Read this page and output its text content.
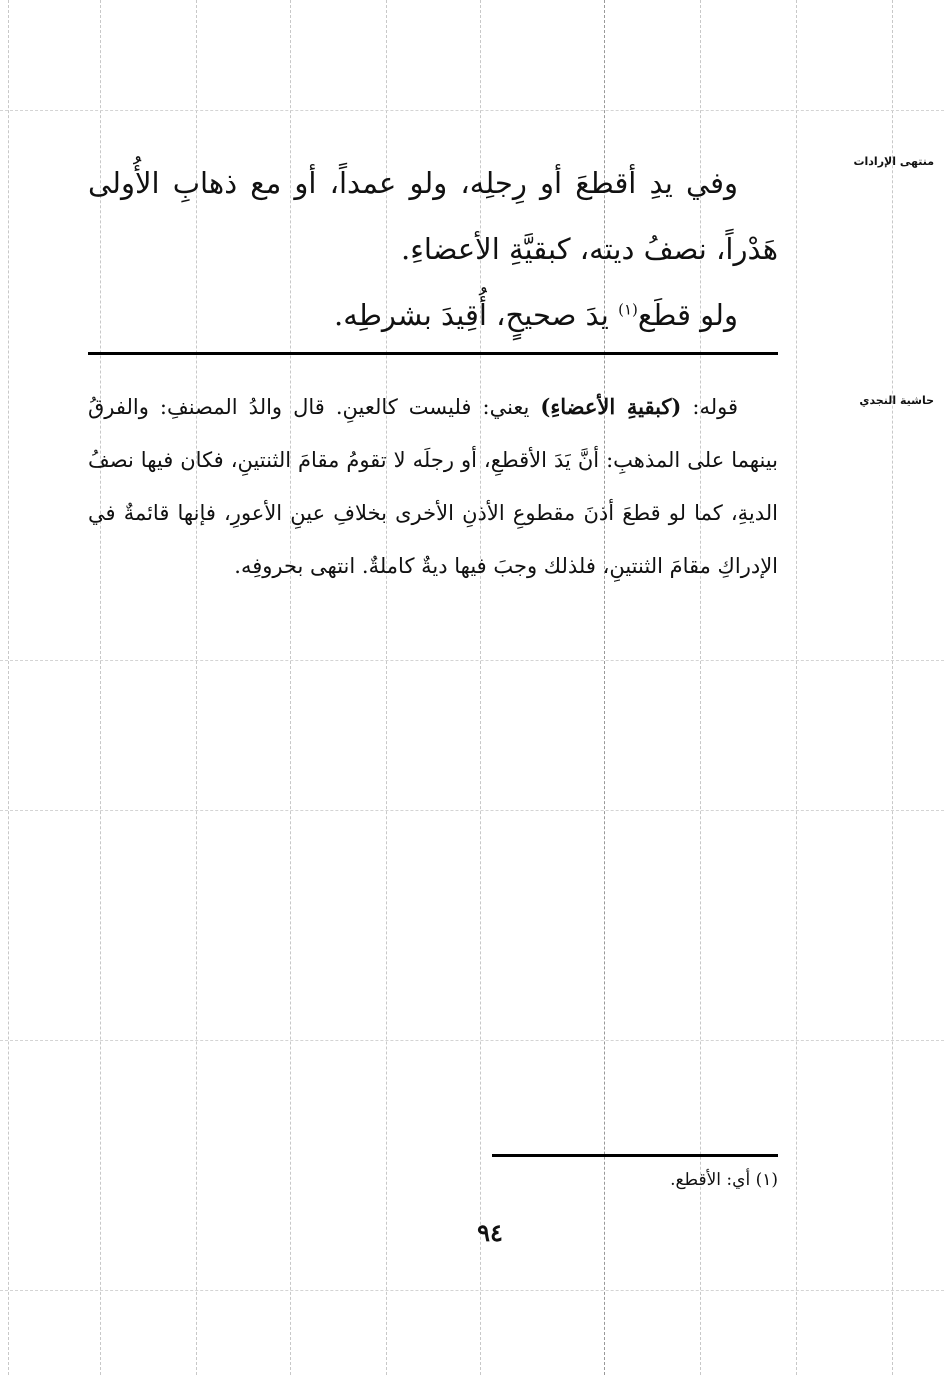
منتهى الإرادات
حاشية النجدي

وفي يدِ أقطعَ أو رِجلِه، ولو عمداً، أو مع ذهابِ الأُولى هَدْراً، نصفُ ديته، كبقيَّةِ الأعضاءِ.

ولو قطَع$^{(١)}$ يدَ صحيحٍ، أُقِيدَ بشرطِه.

قوله: (كبقيةِ الأعضاءِ) يعني: فليست كالعينِ. قال والدُ المصنفِ: والفرقُ بينهما على المذهبِ: أنَّ يَدَ الأقطعِ، أو رجلَه لا تقومُ مقامَ الثنتينِ، فكان فيها نصفُ الديةِ، كما لو قطعَ أذنَ مقطوعِ الأذنِ الأخرى بخلافِ عينِ الأعورِ، فإنها قائمةٌ في الإدراكِ مقامَ الثنتينِ، فلذلك وجبَ فيها ديةٌ كاملةٌ. انتهى بحروفِه.

(١) أي: الأقطع.
٩٤
